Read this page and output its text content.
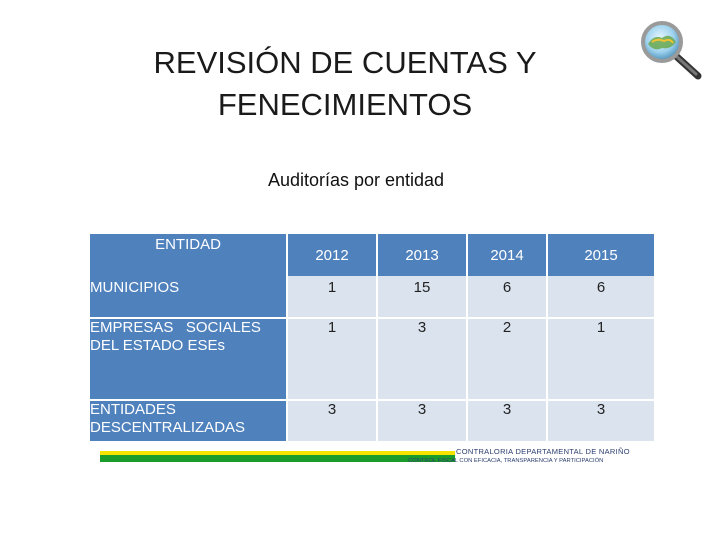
REVISIÓN DE CUENTAS Y
FENECIMIENTOS
Auditorías por entidad
ENTIDAD	2012	2013	2014	2015
MUNICIPIOS	1	15	6	6

EMPRESAS   SOCIALES
DEL ESTADO ESEs	1	3	2	1

ENTIDADES
DESCENTRALIZADAS	3	3	3	3
CONTRALORIA DEPARTAMENTAL DE NARIÑO
CONTROL FISCAL CON EFICACIA, TRANSPARENCIA Y PARTICIPACIÓN
